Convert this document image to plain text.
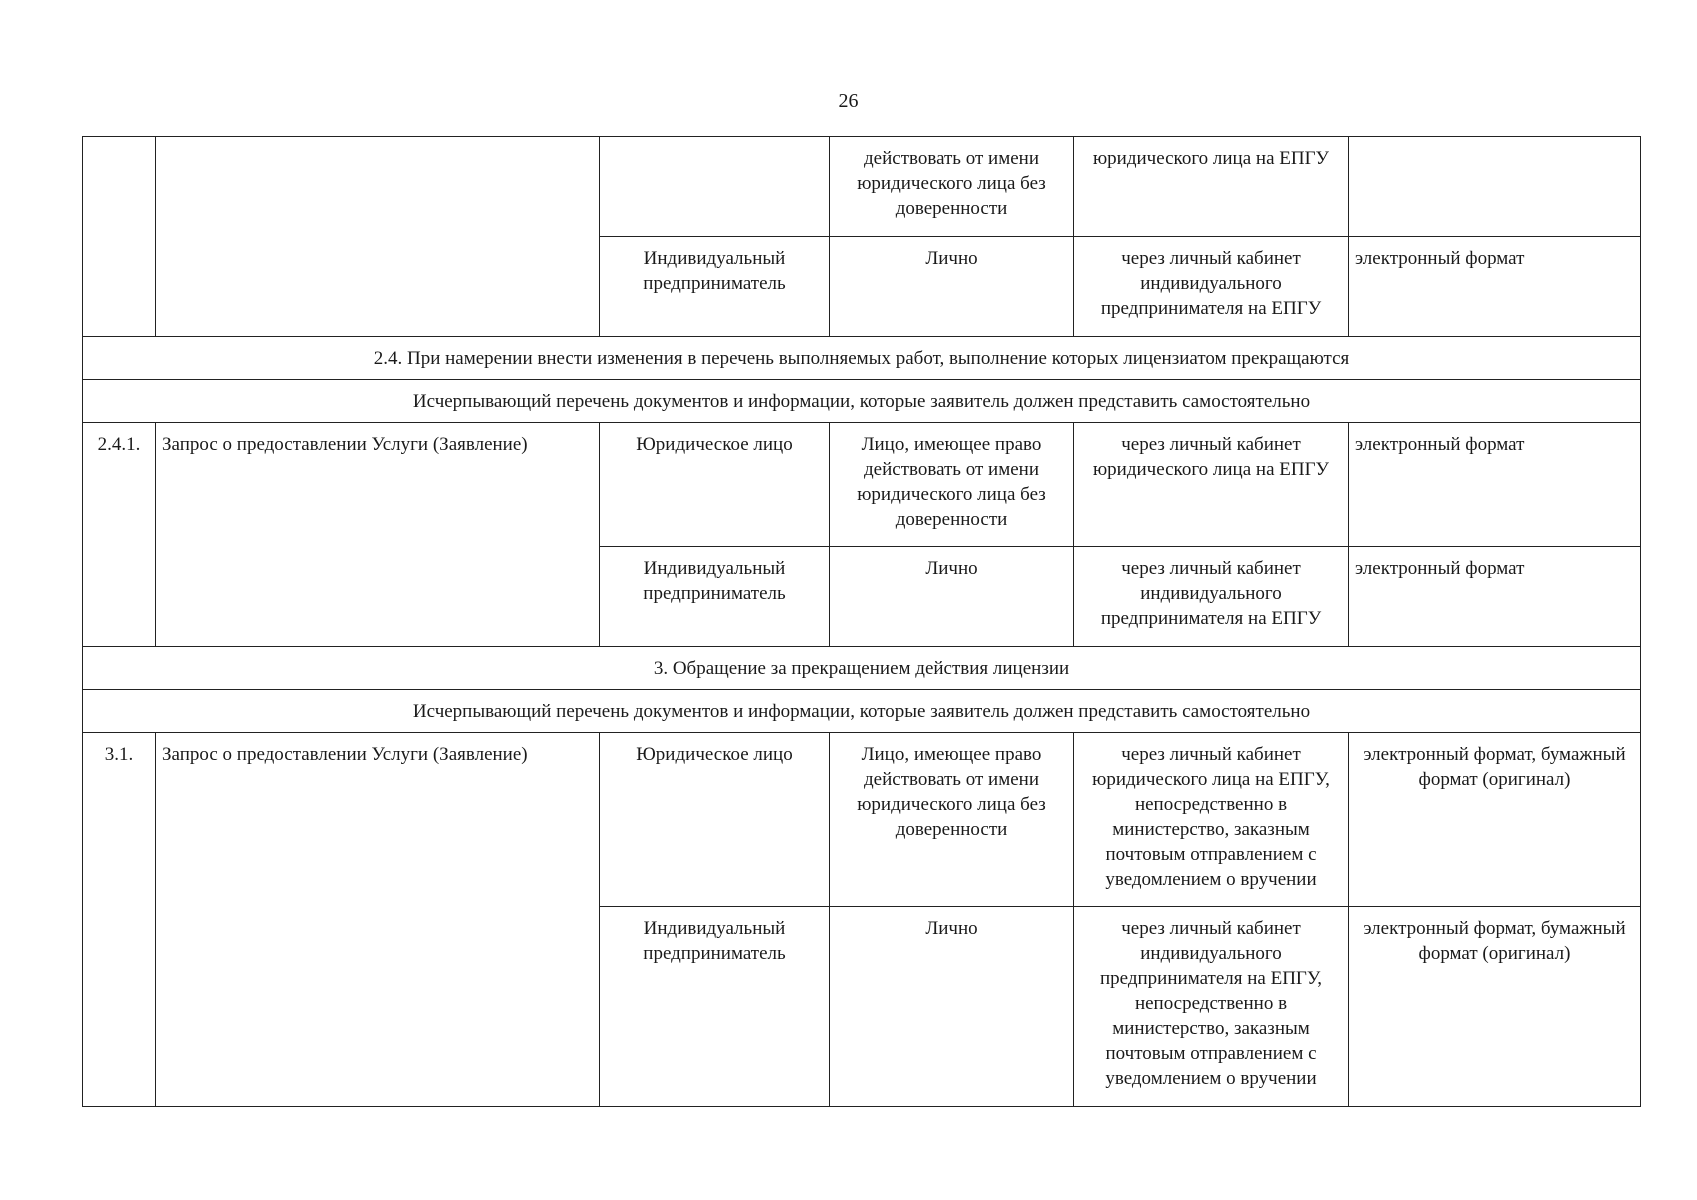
26
			действовать от имени юридического лица без доверенности	юридического лица на ЕПГУ	
		Индивидуальный предприниматель	Лично	через личный кабинет индивидуального предпринимателя на ЕПГУ	электронный формат
2.4. При намерении внести изменения в перечень выполняемых работ, выполнение которых лицензиатом прекращаются					
Исчерпывающий перечень документов и информации, которые заявитель должен представить самостоятельно					
2.4.1.	Запрос о предоставлении Услуги (Заявление)	Юридическое лицо	Лицо, имеющее право действовать от имени юридического лица без доверенности	через личный кабинет юридического лица на ЕПГУ	электронный формат
		Индивидуальный предприниматель	Лично	через личный кабинет индивидуального предпринимателя на ЕПГУ	электронный формат
3. Обращение за прекращением действия лицензии					
Исчерпывающий перечень документов и информации, которые заявитель должен представить самостоятельно					
3.1.	Запрос о предоставлении Услуги (Заявление)	Юридическое лицо	Лицо, имеющее право действовать от имени юридического лица без доверенности	через личный кабинет юридического лица на ЕПГУ, непосредственно в министерство, заказным почтовым отправлением с уведомлением о вручении	электронный формат, бумажный формат (оригинал)
		Индивидуальный предприниматель	Лично	через личный кабинет индивидуального предпринимателя на ЕПГУ, непосредственно в министерство, заказным почтовым отправлением с уведомлением о вручении	электронный формат, бумажный формат (оригинал)
